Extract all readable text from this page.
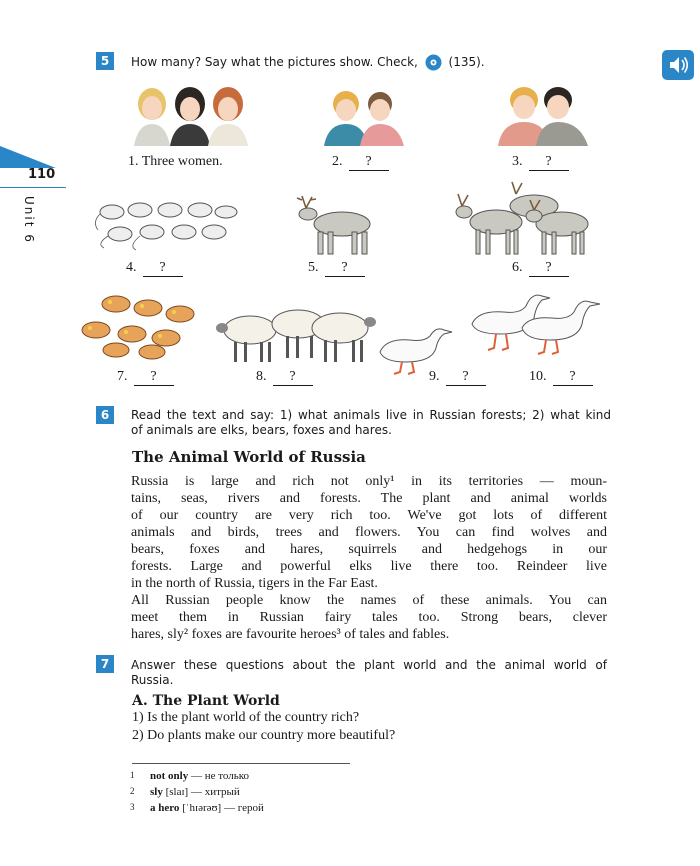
110
Unit 6
5	How many? Say what the pictures show. Check,	(135).
1. Three women.	2. ?	3. ?
4. ?	5. ?	6. ?
7. ?	8. ?	9. ?	10. ?
6	Read the text and say: 1) what animals live in Russian forests; 2) what kind
of animals are elks, bears, foxes and hares.
The Animal World of Russia
Russia is large and rich not only¹ in its territories — moun-
tains, seas, rivers and forests. The plant and animal worlds
of our country are very rich too. We've got lots of different
animals and birds, trees and flowers. You can find wolves and
bears, foxes and hares, squirrels and hedgehogs in our
forests. Large and powerful elks live there too. Reindeer live
in the north of Russia, tigers in the Far East.
All Russian people know the names of these animals. You can
meet them in Russian fairy tales too. Strong bears, clever
hares, sly² foxes are favourite heroes³ of tales and fables.
7	Answer these questions about the plant world and the animal world of
Russia.
A. The Plant World
1) Is the plant world of the country rich?
2) Do plants make our country more beautiful?
1 not only — не только
2 sly [slaɪ] — хитрый
3 a hero [ˈhɪərəʊ] — герой
